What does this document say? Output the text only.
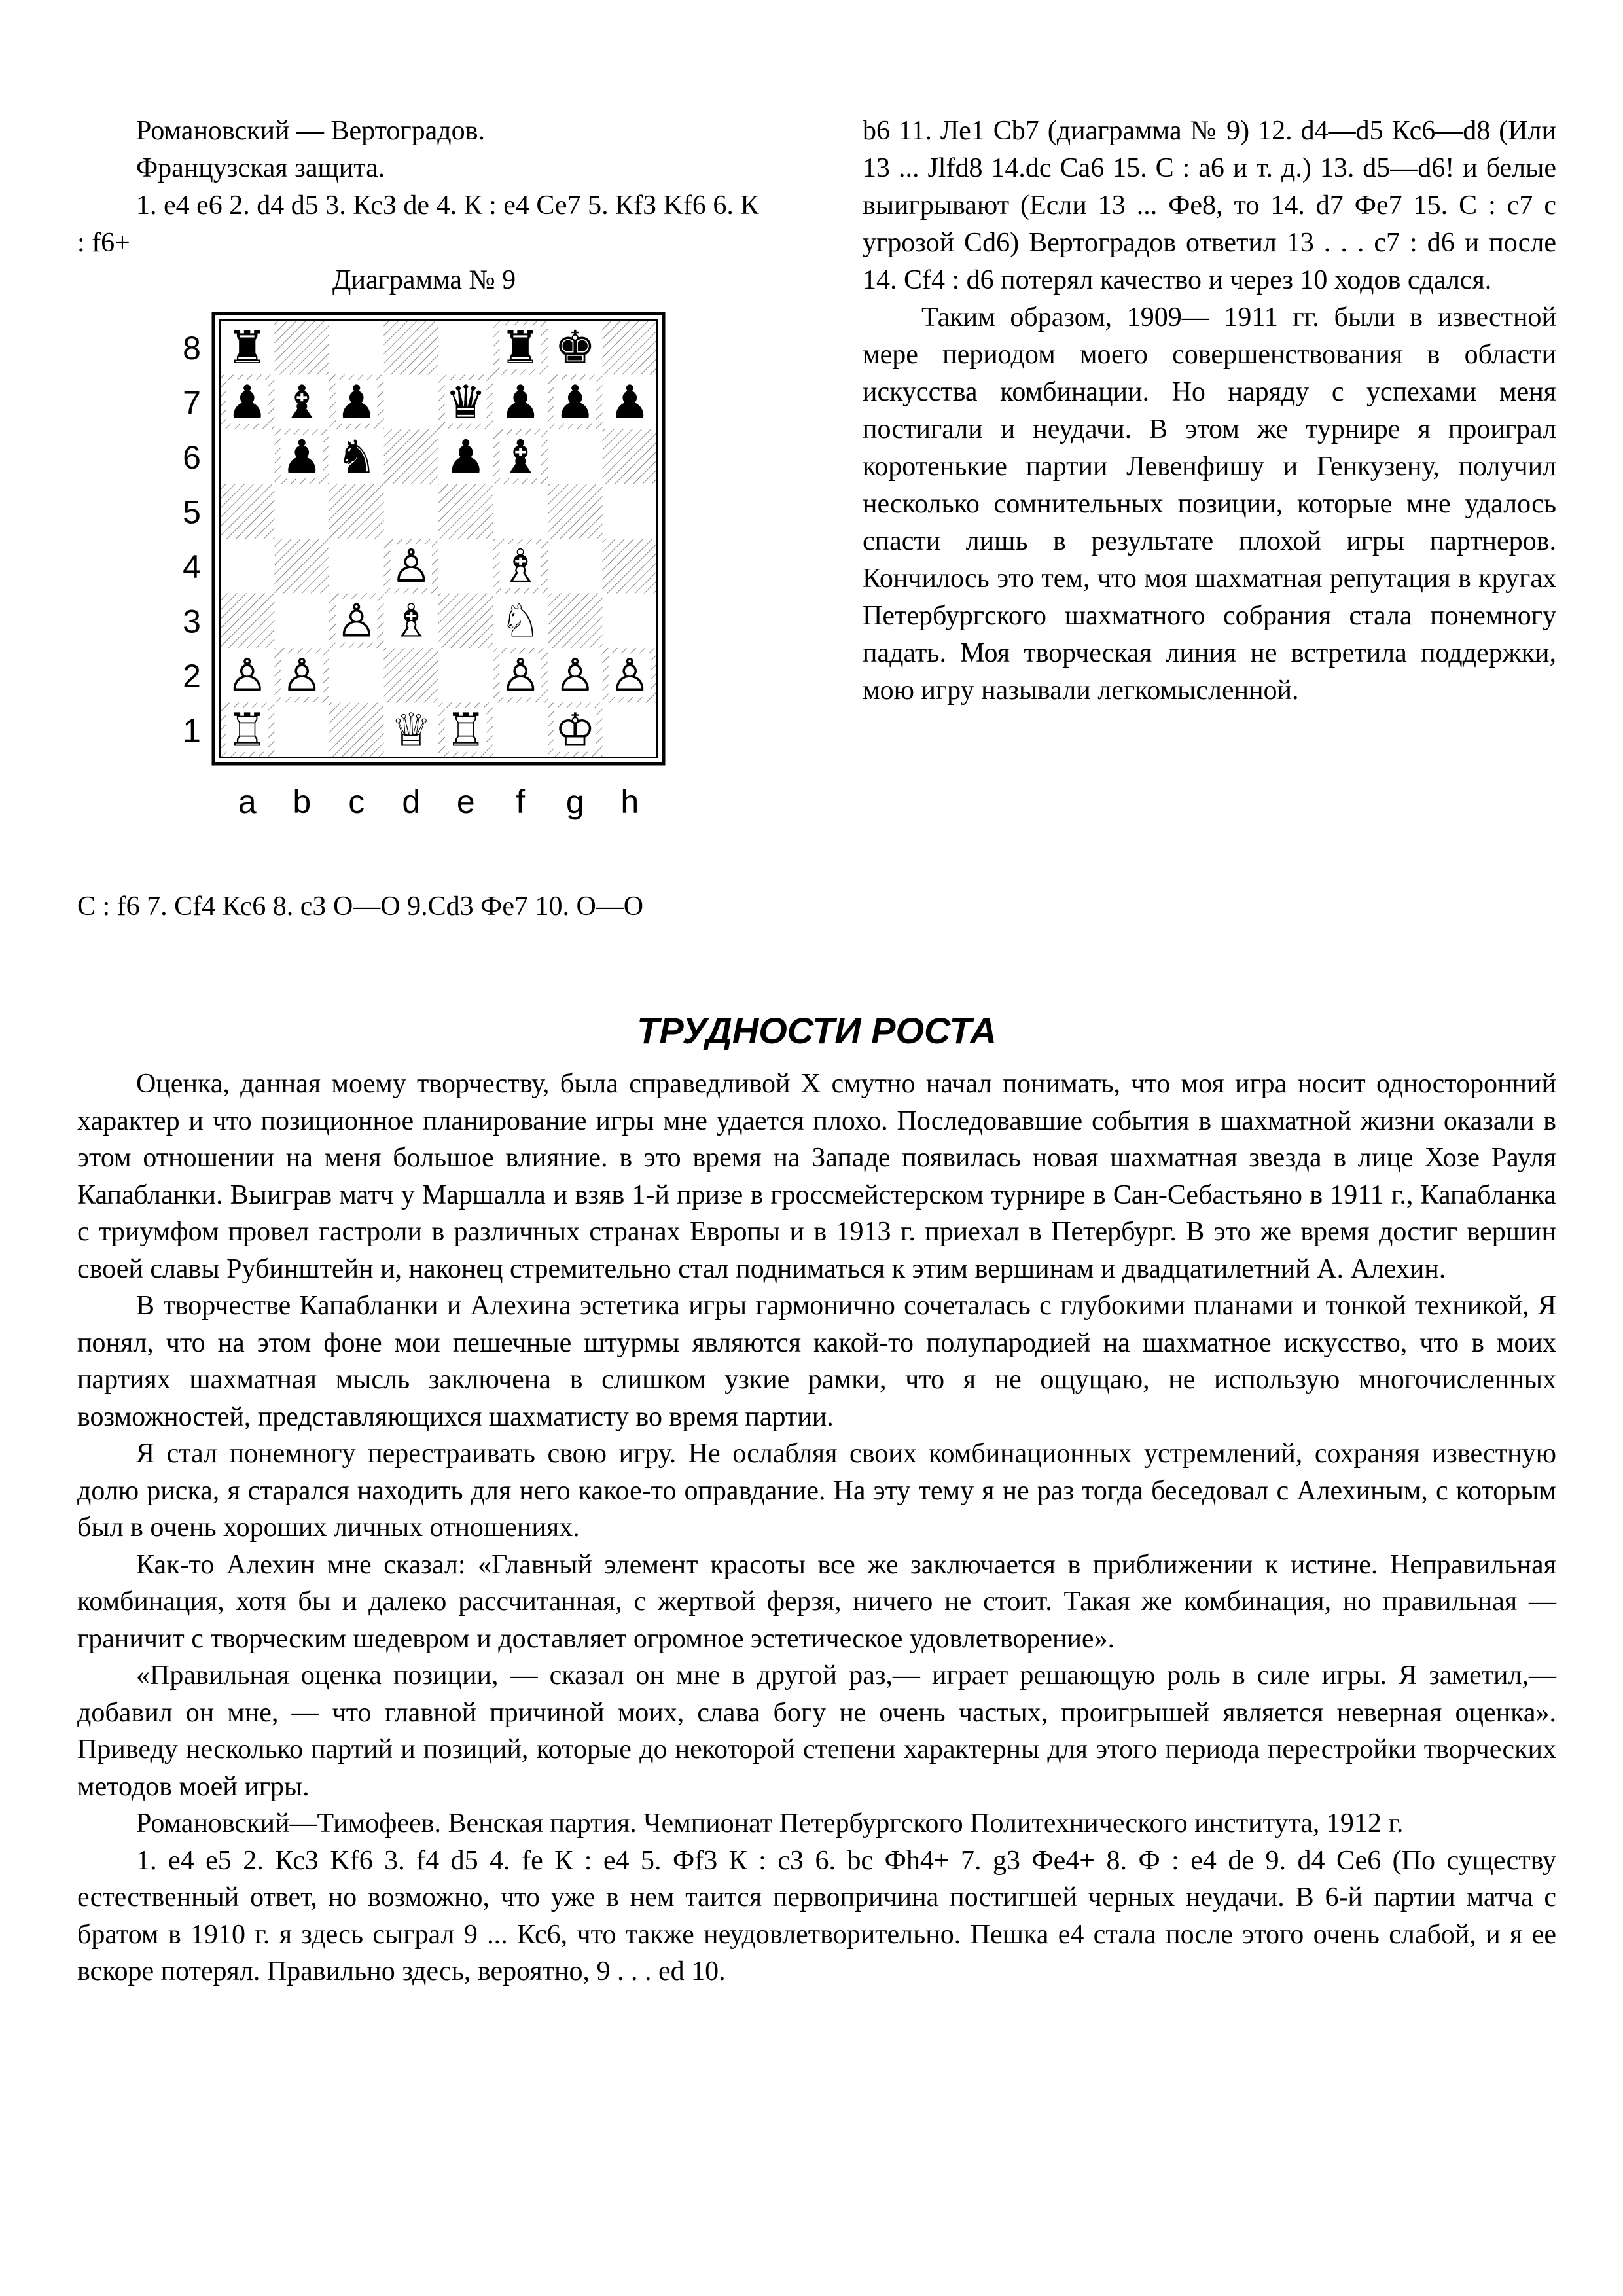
Романовский — Вертоградов.

Французская защита.

1. е4 е6 2. d4 d5 3. КсЗ de 4. К : е4 Се7 5. КfЗ Kf6 6. К : f6+

Диаграмма № 9

♜	♜ ♚
♟ ♝ ♟ ♛ ♟ ♟ ♟
♟ ♞ ♟ ♝
♙ ♗
♙ ♗ ♘
♙ ♙	♙ ♙ ♙
♖	♕ ♖ ♔
8
7
6
5
4
3
2
1
a b c d e f g h

С : f6 7. Cf4 Кс6 8. сЗ О—О 9.Cd3 Фе7 10. О—О

b6 11. Ле1 Cb7 (диаграмма № 9) 12. d4—d5 Кс6—d8 (Или 13 ... Jlfd8 14.dc Са6 15. С : а6 и т. д.) 13. d5—d6! и белые выигрывают (Если 13 ... Фе8, то 14. d7 Фе7 15. С : с7 с угрозой Cd6) Вертоградов ответил 13 . . . с7 : d6 и после 14. Cf4 : d6 потерял качество и через 10 ходов сдался.

Таким образом, 1909— 1911 гг. были в известной мере периодом моего совершенствования в области искусства комбинации. Но наряду с успехами меня постигали и неудачи. В этом же турнире я проиграл коротенькие партии Левенфишу и Генкузену, получил несколько сомнительных позиции, которые мне удалось спасти лишь в результате плохой игры партнеров. Кончилось это тем, что моя шахматная репутация в кругах Петербургского шахматного собрания стала понемногу падать. Моя творческая линия не встретила поддержки, мою игру называли легкомысленной.

ТРУДНОСТИ РОСТА

Оценка, данная моему творчеству, была справедливой Х смутно начал понимать, что моя игра носит односторонний характер и что позиционное планирование игры мне удается плохо. Последовавшие события в шахматной жизни оказали в этом отношении на меня большое влияние. в это время на Западе появилась новая шахматная звезда в лице Хозе Рауля Капабланки. Выиграв матч у Маршалла и взяв 1-й призе в гроссмейстерском турнире в Сан-Себастьяно в 1911 г., Капабланка с триумфом провел гастроли в различных странах Европы и в 1913 г. приехал в Петербург. В это же время достиг вершин своей славы Рубинштейн и, наконец стремительно стал подниматься к этим вершинам и двадцатилетний А. Алехин.

В творчестве Капабланки и Алехина эстетика игры гармонично сочеталась с глубокими планами и тонкой техникой, Я понял, что на этом фоне мои пешечные штурмы являются какой-то полупародией на шахматное искусство, что в моих партиях шахматная мысль заключена в слишком узкие рамки, что я не ощущаю, не использую многочисленных возможностей, представляющихся шахматисту во время партии.

Я стал понемногу перестраивать свою игру. Не ослабляя своих комбинационных устремлений, сохраняя известную долю риска, я старался находить для него какое-то оправдание. На эту тему я не раз тогда беседовал с Алехиным, с которым был в очень хороших личных отношениях.

Как-то Алехин мне сказал: «Главный элемент красоты все же заключается в приближении к истине. Неправильная комбинация, хотя бы и далеко рассчитанная, с жертвой ферзя, ничего не стоит. Такая же комбинация, но правильная — граничит с творческим шедевром и доставляет огромное эстетическое удовлетворение».

«Правильная оценка позиции, — сказал он мне в другой раз,— играет решающую роль в силе игры. Я заметил,— добавил он мне, — что главной причиной моих, слава богу не очень частых, проигрышей является неверная оценка». Приведу несколько партий и позиций, которые до некоторой степени характерны для этого периода перестройки творческих методов моей игры.

Романовский—Тимофеев. Венская партия. Чемпионат Петербургского Политехнического института, 1912 г.

1. е4 е5 2. КсЗ Kf6 3. f4 d5 4. fe К : е4 5. Фf3 К : сЗ 6. bc Фh4+ 7. g3 Фе4+ 8. Ф : е4 de 9. d4 Се6 (По существу естественный ответ, но возможно, что уже в нем таится первопричина постигшей черных неудачи. В 6-й партии матча с братом в 1910 г. я здесь сыграл 9 ... Кс6, что также неудовлетворительно. Пешка е4 стала после этого очень слабой, и я ее вскоре потерял. Правильно здесь, вероятно, 9 . . . ed 10.
